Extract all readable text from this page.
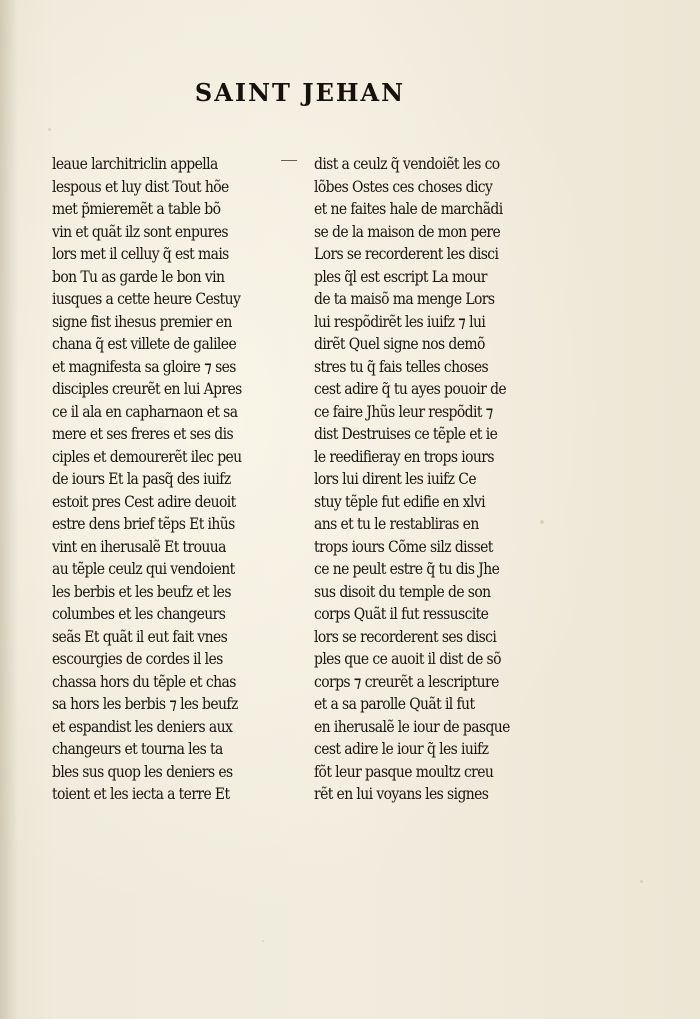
SAINT JEHAN
leaue larchitriclin appella
lespous et luy dist Tout hõe
met p̃mieremẽt a table bõ
vin et quãt ilz sont enpures
lors met il celluy q̃ est mais
bon Tu as garde le bon vin
iusques a cette heure Cestuy
signe fist ihesus premier en
chana q̃ est villete de galilee
et magnifesta sa gloire ⁊ ses
disciples creurẽt en lui Apres
ce il ala en capharnaon et sa
mere et ses freres et ses dis
ciples et demourerẽt ilec peu
de iours Et la pasq̃ des iuifz
estoit pres Cest adire deuoit
estre dens brief tẽps Et ihũs
vint en iherusalẽ Et trouua
au tẽple ceulz qui vendoient
les berbis et les beufz et les
columbes et les changeurs
seãs Et quãt il eut fait vnes
escourgies de cordes il les
chassa hors du tẽple et chas
sa hors les berbis ⁊ les beufz
et espandist les deniers aux
changeurs et tourna les ta
bles sus quop les deniers es
toient et les iecta a terre Et
dist a ceulz q̃ vendoiẽt les co
lõbes Ostes ces choses dicy
et ne faites hale de marchãdi
se de la maison de mon pere
Lors se recorderent les disci
ples q̃l est escript La mour
de ta maisõ ma menge Lors
lui respõdirẽt les iuifz ⁊ lui
dirẽt Quel signe nos demõ
stres tu q̃ fais telles choses
cest adire q̃ tu ayes pouoir de
ce faire Jhũs leur respõdit ⁊
dist Destruises ce tẽple et ie
le reedifieray en trops iours
lors lui dirent les iuifz Ce
stuy tẽple fut edifie en xlvi
ans et tu le restabliras en
trops iours Cõme silz disset
ce ne peult estre q̃ tu dis Jhe
sus disoit du temple de son
corps Quãt il fut ressuscite
lors se recorderent ses disci
ples que ce auoit il dist de sõ
corps ⁊ creurẽt a lescripture
et a sa parolle Quãt il fut
en iherusalẽ le iour de pasque
cest adire le iour q̃ les iuifz
fõt leur pasque moultz creu
rẽt en lui voyans les signes
